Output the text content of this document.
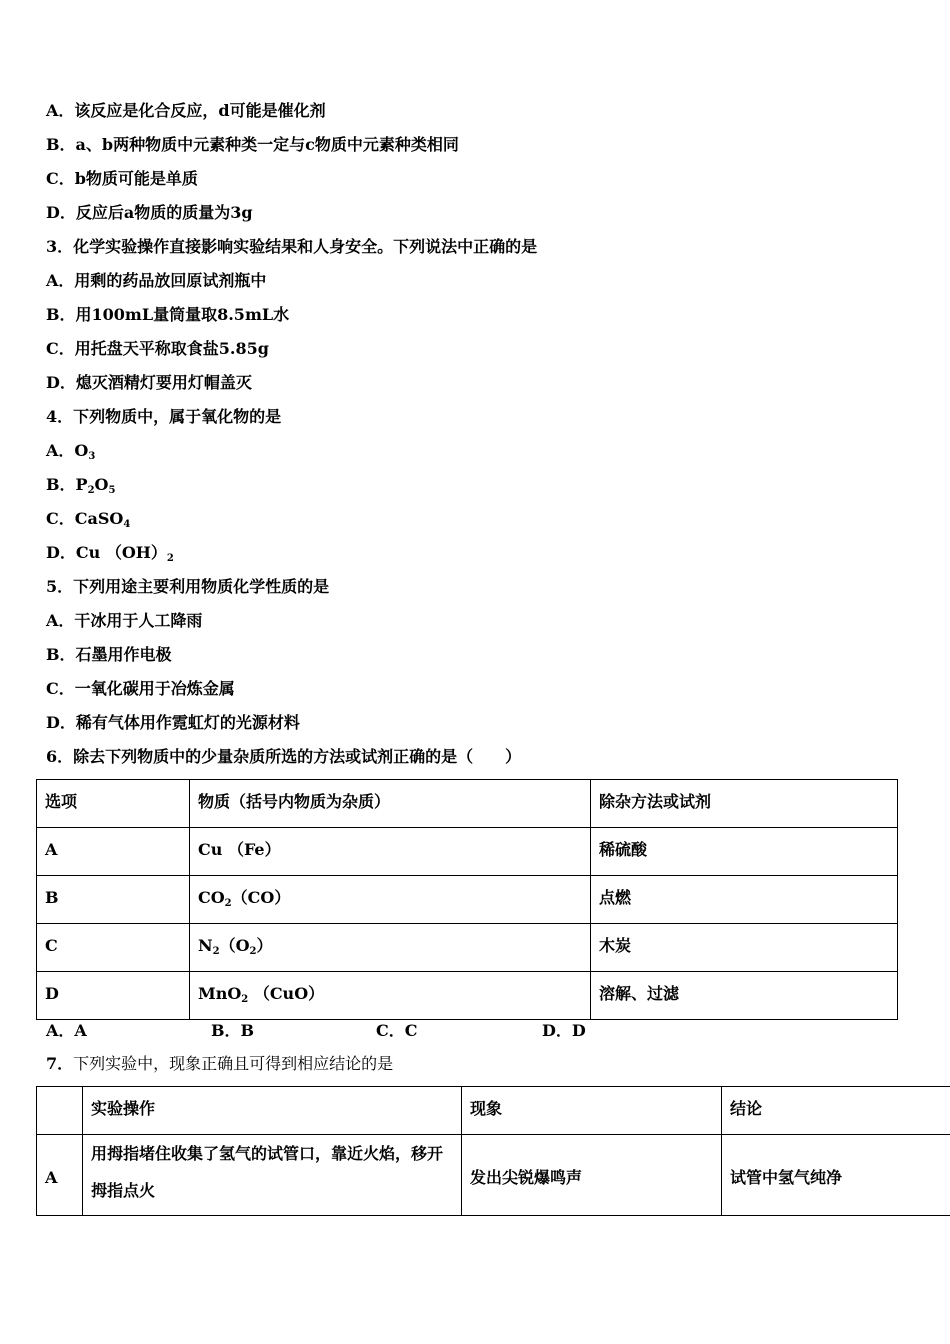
A．该反应是化合反应，d可能是催化剂
B．a、b两种物质中元素种类一定与c物质中元素种类相同
C．b物质可能是单质
D．反应后a物质的质量为3g
3．化学实验操作直接影响实验结果和人身安全。下列说法中正确的是
A．用剩的药品放回原试剂瓶中
B．用100mL量筒量取8.5mL水
C．用托盘天平称取食盐5.85g
D．熄灭酒精灯要用灯帽盖灭
4．下列物质中，属于氧化物的是
A．$O_3$
B．$P_2O_5$
C．CaSO$_4$
D．Cu $(OH)_2$
5．下列用途主要利用物质化学性质的是
A．干冰用于人工降雨
B．石墨用作电极
C．一氧化碳用于冶炼金属
D．稀有气体用作霓虹灯的光源材料
6．除去下列物质中的少量杂质所选的方法或试剂正确的是（　　）
选项	物质（括号内物质为杂质）	除杂方法或试剂
A	Cu （Fe）	稀硫酸
B	$CO_2(CO)$	点燃
C	$N_2(O_2)$	木炭
D	MnO$_2$ （CuO）	溶解、过滤
A．A	B．B	C．C	D．D
7．下列实验中，现象正确且可得到相应结论的是
	实验操作	现象	结论
A	用拇指堵住收集了氢气的试管口，靠近火焰，移开拇指点火	发出尖锐爆鸣声	试管中氢气纯净
